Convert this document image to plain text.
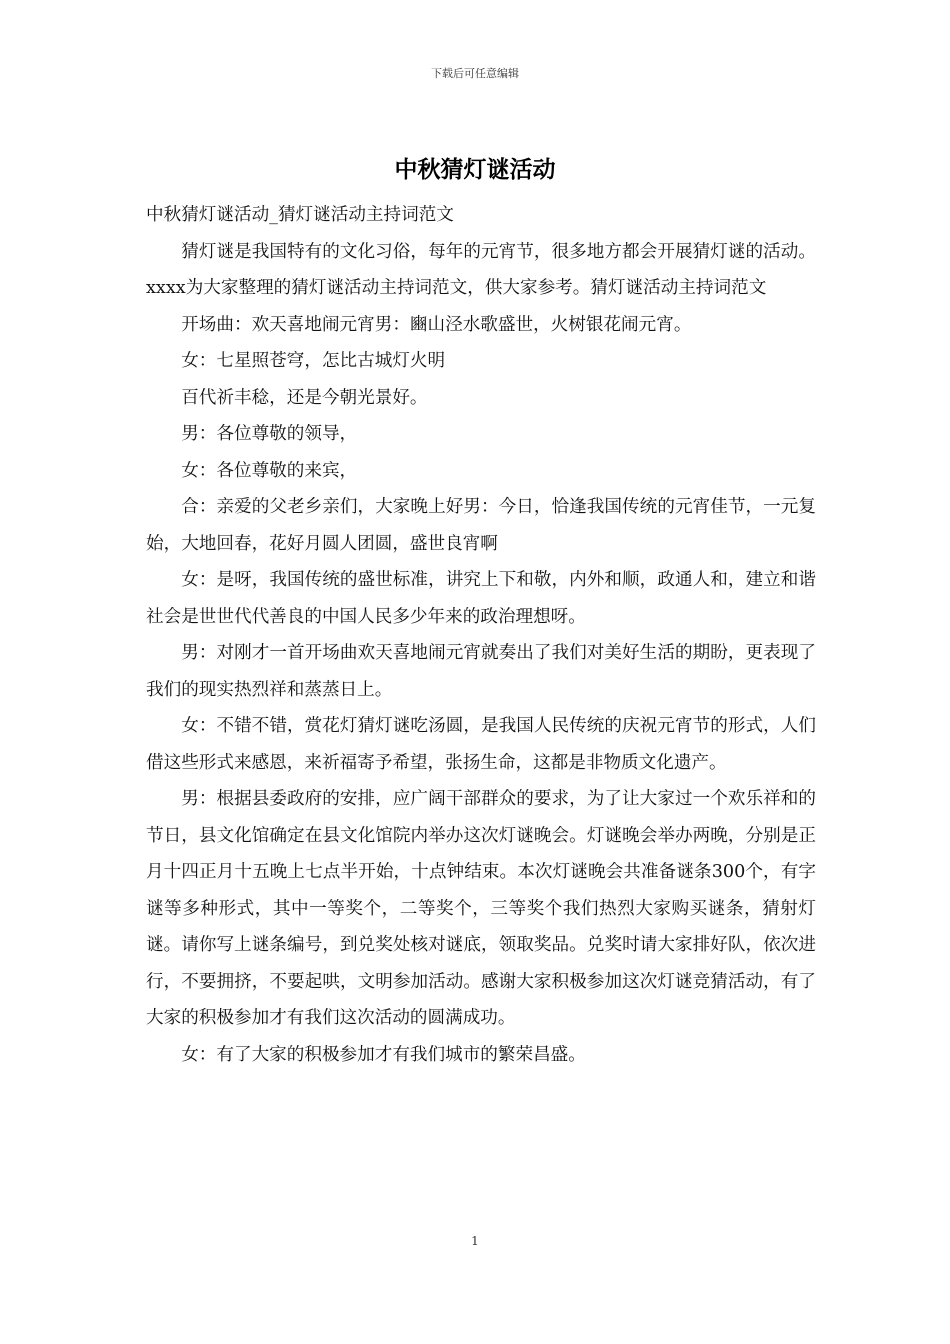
下载后可任意编辑
中秋猜灯谜活动

中秋猜灯谜活动_猜灯谜活动主持词范文

猜灯谜是我国特有的文化习俗，每年的元宵节，很多地方都会开展猜灯谜的活动。xxxx为大家整理的猜灯谜活动主持词范文，供大家参考。猜灯谜活动主持词范文

开场曲：欢天喜地闹元宵男：豳山泾水歌盛世，火树银花闹元宵。

女：七星照苍穹，怎比古城灯火明

百代祈丰稔，还是今朝光景好。

男：各位尊敬的领导，

女：各位尊敬的来宾，

合：亲爱的父老乡亲们，大家晚上好男：今日，恰逢我国传统的元宵佳节，一元复始，大地回春，花好月圆人团圆，盛世良宵啊

女：是呀，我国传统的盛世标准，讲究上下和敬，内外和顺，政通人和，建立和谐社会是世世代代善良的中国人民多少年来的政治理想呀。

男：对刚才一首开场曲欢天喜地闹元宵就奏出了我们对美好生活的期盼，更表现了我们的现实热烈祥和蒸蒸日上。

女：不错不错，赏花灯猜灯谜吃汤圆，是我国人民传统的庆祝元宵节的形式，人们借这些形式来感恩，来祈福寄予希望，张扬生命，这都是非物质文化遗产。

男：根据县委政府的安排，应广阔干部群众的要求，为了让大家过一个欢乐祥和的节日，县文化馆确定在县文化馆院内举办这次灯谜晚会。灯谜晚会举办两晚，分别是正月十四正月十五晚上七点半开始，十点钟结束。本次灯谜晚会共准备谜条300个，有字谜等多种形式，其中一等奖个，二等奖个，三等奖个我们热烈大家购买谜条，猜射灯谜。请你写上谜条编号，到兑奖处核对谜底，领取奖品。兑奖时请大家排好队，依次进行，不要拥挤，不要起哄，文明参加活动。感谢大家积极参加这次灯谜竞猜活动，有了大家的积极参加才有我们这次活动的圆满成功。

女：有了大家的积极参加才有我们城市的繁荣昌盛。

1
